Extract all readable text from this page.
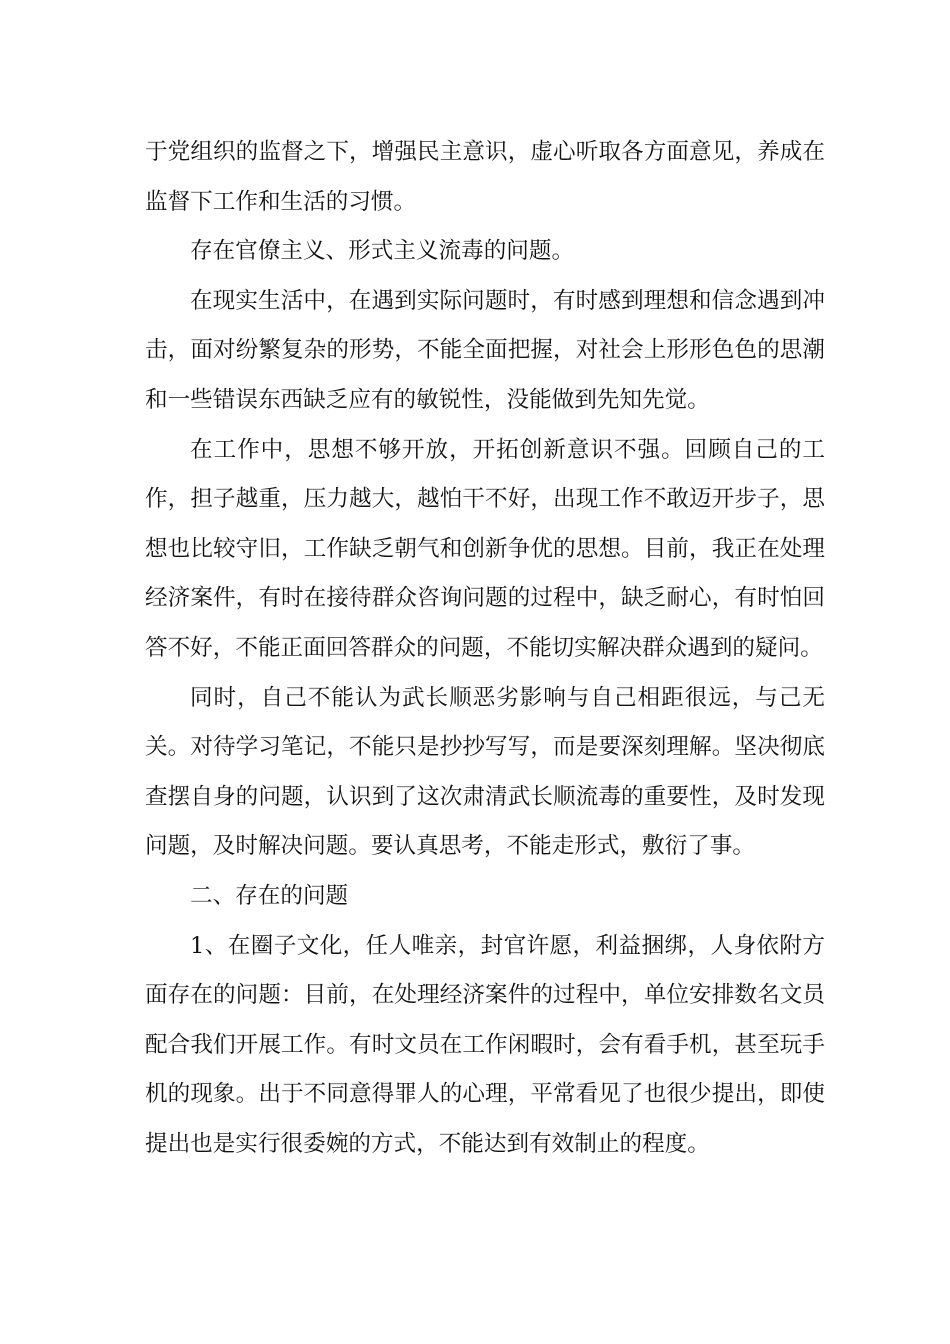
于党组织的监督之下，增强民主意识，虚心听取各方面意见，养成在监督下工作和生活的习惯。

存在官僚主义、形式主义流毒的问题。

在现实生活中，在遇到实际问题时，有时感到理想和信念遇到冲击，面对纷繁复杂的形势，不能全面把握，对社会上形形色色的思潮和一些错误东西缺乏应有的敏锐性，没能做到先知先觉。

在工作中，思想不够开放，开拓创新意识不强。回顾自己的工作，担子越重，压力越大，越怕干不好，出现工作不敢迈开步子，思想也比较守旧，工作缺乏朝气和创新争优的思想。目前，我正在处理经济案件，有时在接待群众咨询问题的过程中，缺乏耐心，有时怕回答不好，不能正面回答群众的问题，不能切实解决群众遇到的疑问。

同时，自己不能认为武长顺恶劣影响与自己相距很远，与己无关。对待学习笔记，不能只是抄抄写写，而是要深刻理解。坚决彻底查摆自身的问题，认识到了这次肃清武长顺流毒的重要性，及时发现问题，及时解决问题。要认真思考，不能走形式，敷衍了事。

二、存在的问题

1、在圈子文化，任人唯亲，封官许愿，利益捆绑，人身依附方面存在的问题：目前，在处理经济案件的过程中，单位安排数名文员配合我们开展工作。有时文员在工作闲暇时，会有看手机，甚至玩手机的现象。出于不同意得罪人的心理，平常看见了也很少提出，即使提出也是实行很委婉的方式，不能达到有效制止的程度。
